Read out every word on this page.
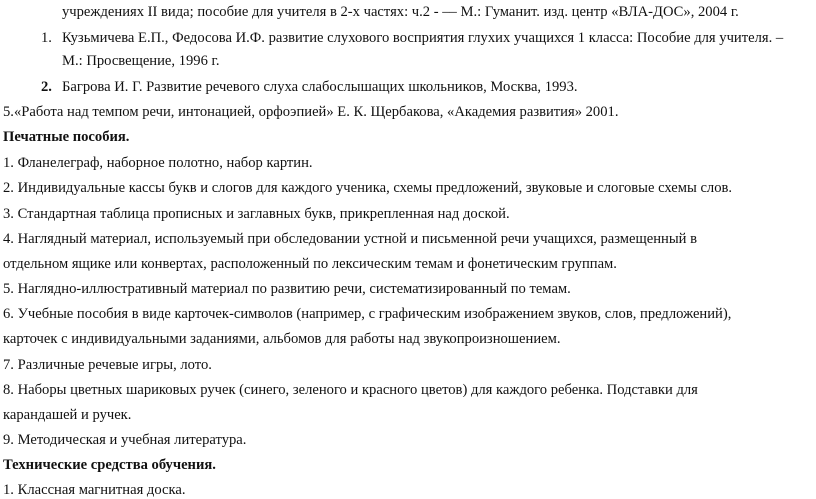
учреждениях II вида; пособие для учителя в 2-х частях: ч.2 - –– М.: Гуманит. изд. центр «ВЛА-ДОС», 2004 г.
1. Кузьмичева Е.П., Федосова И.Ф. развитие слухового восприятия глухих учащихся 1 класса: Пособие для учителя. –
М.: Просвещение, 1996 г.
2. Багрова И. Г. Развитие речевого слуха слабослышащих школьников, Москва, 1993.
5.«Работа над темпом речи, интонацией, орфоэпией» Е. К. Щербакова, «Академия развития» 2001.
Печатные пособия.
1. Фланелеграф, наборное полотно, набор картин.
2. Индивидуальные кассы букв и слогов для каждого ученика, схемы предложений, звуковые и слоговые схемы слов.
3. Стандартная таблица прописных и заглавных букв, прикрепленная над доской.
4. Наглядный материал, используемый при обследовании устной и письменной речи учащихся, размещенный в
отдельном ящике или конвертах, расположенный по лексическим темам и фонетическим группам.
5. Наглядно-иллюстративный материал по развитию речи, систематизированный по темам.
6. Учебные пособия в виде карточек-символов (например, с графическим изображением звуков, слов, предложений),
карточек с индивидуальными заданиями, альбомов для работы над звукопроизношением.
7. Различные речевые игры, лото.
8. Наборы цветных шариковых ручек (синего, зеленого и красного цветов) для каждого ребенка. Подставки для
карандашей и ручек.
9. Методическая и учебная литература.
Технические средства обучения.
1. Классная магнитная доска.
